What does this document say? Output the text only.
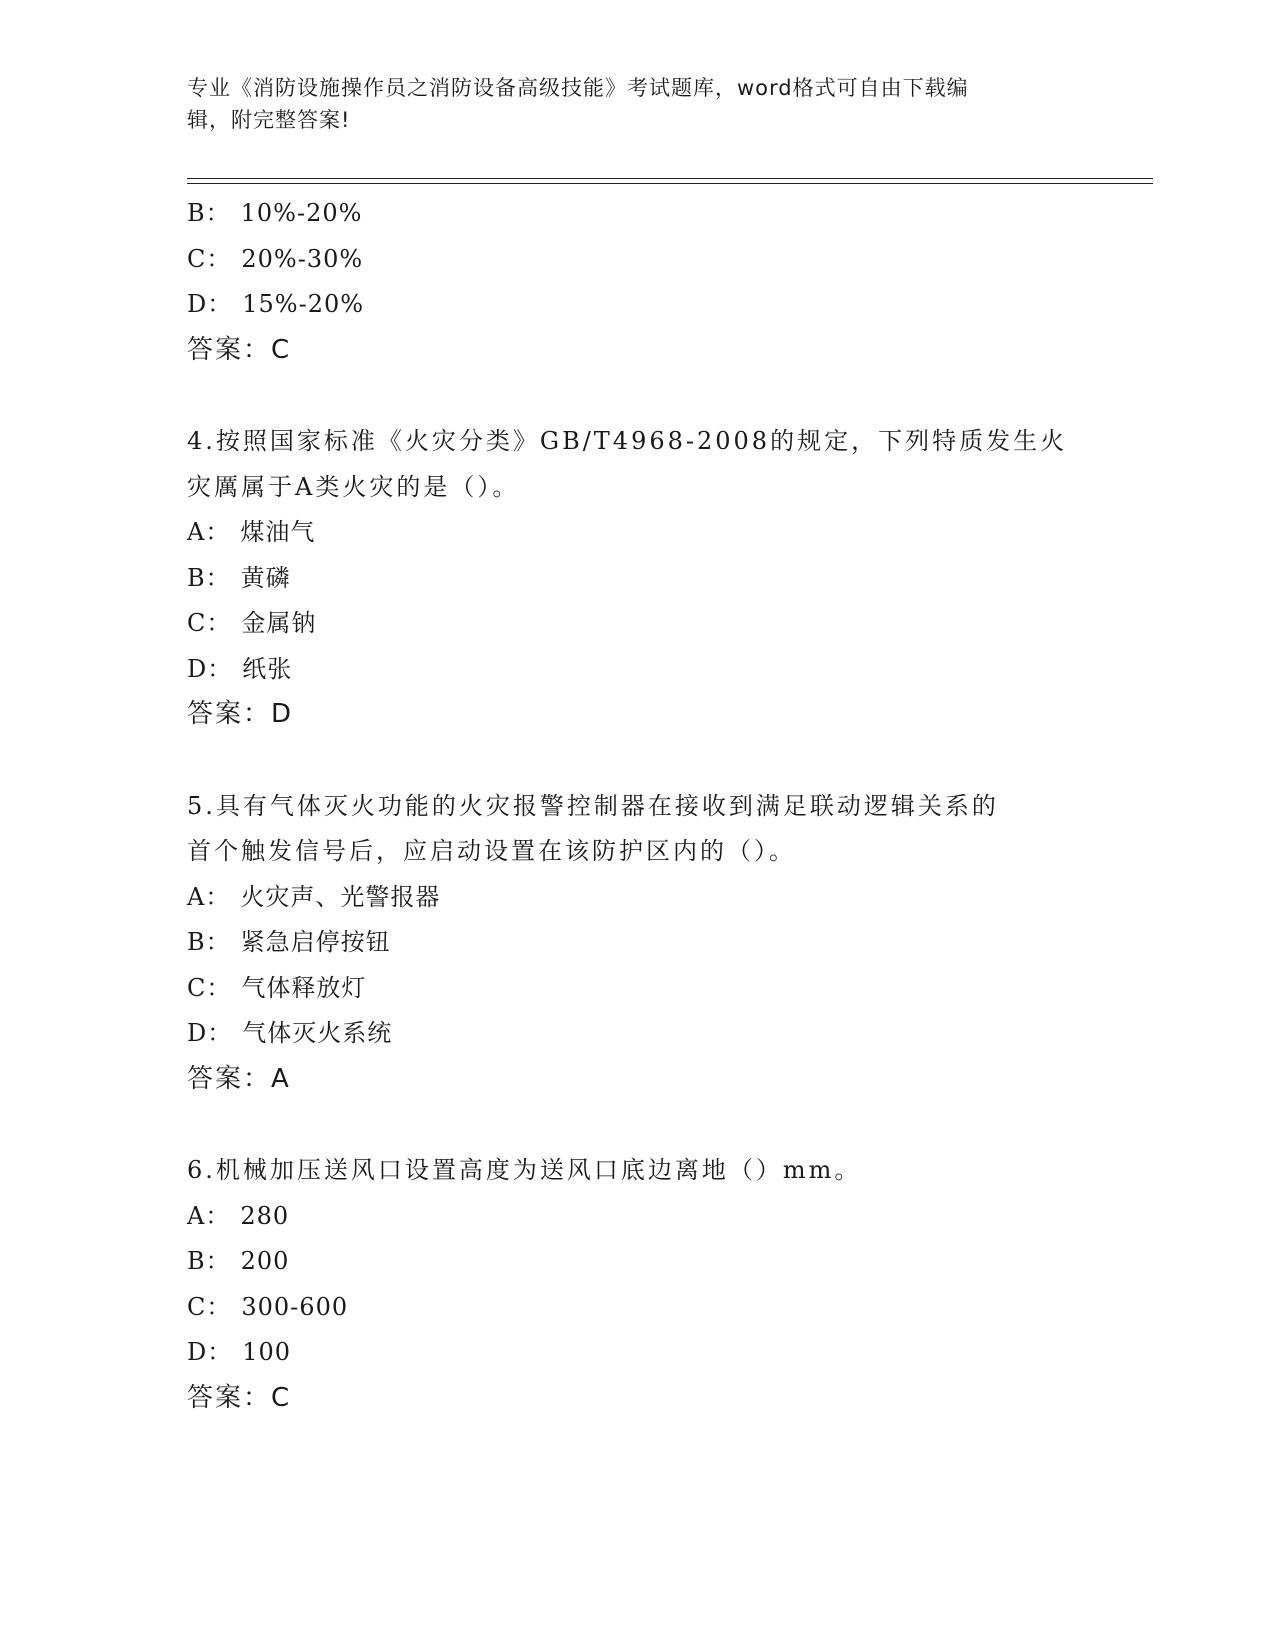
专业《消防设施操作员之消防设备高级技能》考试题库，word格式可自由下载编
辑，附完整答案!
B： 10%-20%
C： 20%-30%
D： 15%-20%
答案：C
4.按照国家标准《火灾分类》GB/T4968-2008的规定，下列特质发生火
灾厲属于A类火灾的是（）。
A： 煤油气
B： 黄磷
C： 金属钠
D： 纸张
答案：D
5.具有气体灭火功能的火灾报警控制器在接收到满足联动逻辑关系的
首个触发信号后，应启动设置在该防护区内的（）。
A： 火灾声、光警报器
B： 紧急启停按钮
C： 气体释放灯
D： 气体灭火系统
答案：A
6.机械加压送风口设置高度为送风口底边离地（）mm。
A： 280
B： 200
C： 300-600
D： 100
答案：C
